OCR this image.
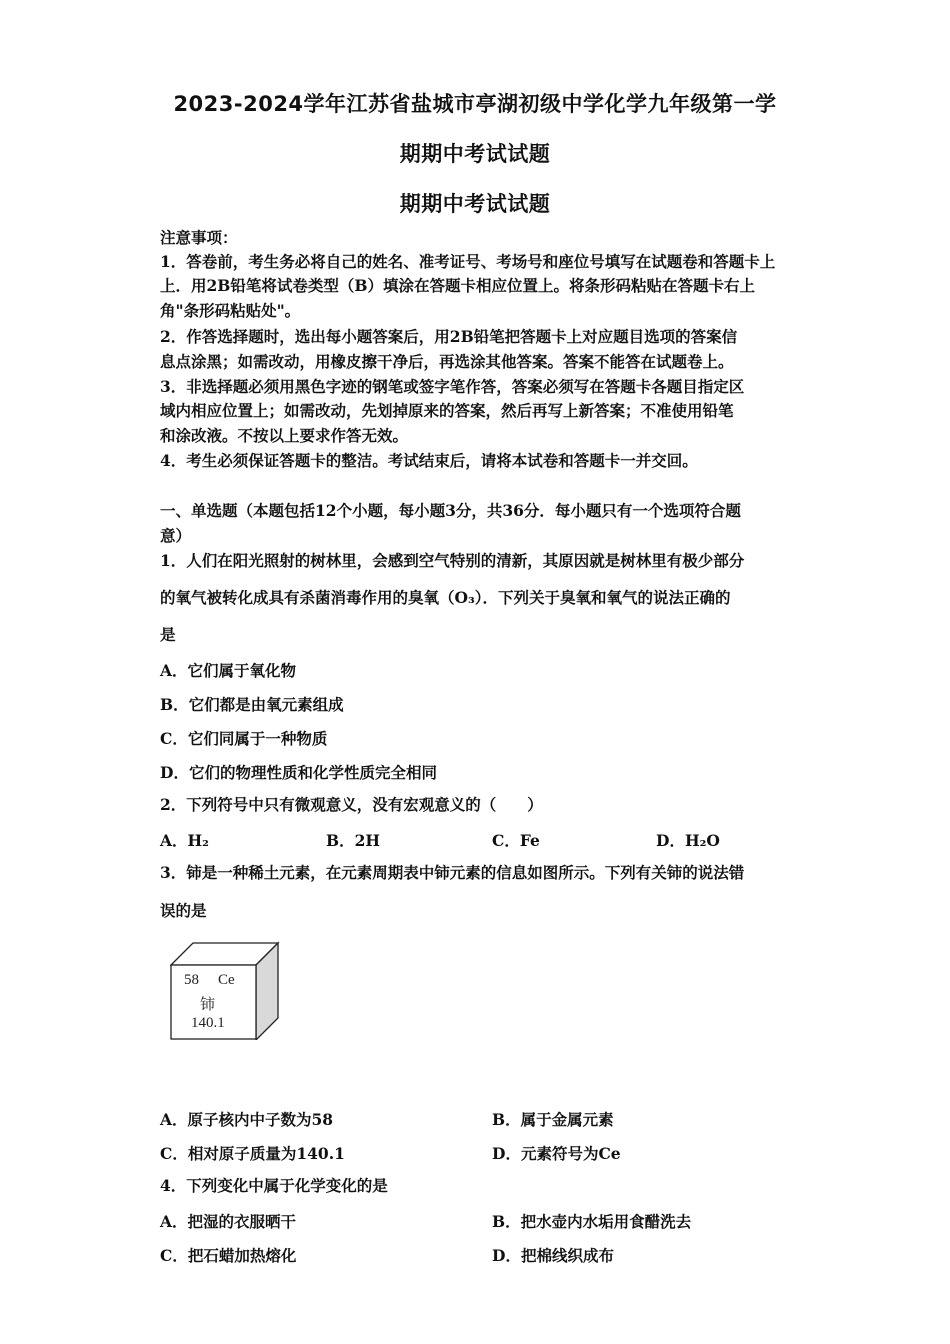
2023-2024学年江苏省盐城市亭湖初级中学化学九年级第一学
期期中考试试题
期期中考试试题
注意事项：
1．答卷前，考生务必将自己的姓名、准考证号、考场号和座位号填写在试题卷和答题卡上
上．用2B铅笔将试卷类型（B）填涂在答题卡相应位置上。将条形码粘贴在答题卡右上
角"条形码粘贴处"。
2．作答选择题时，选出每小题答案后，用2B铅笔把答题卡上对应题目选项的答案信
息点涂黑；如需改动，用橡皮擦干净后，再选涂其他答案。答案不能答在试题卷上。
3．非选择题必须用黑色字迹的钢笔或签字笔作答，答案必须写在答题卡各题目指定区
域内相应位置上；如需改动，先划掉原来的答案，然后再写上新答案；不准使用铅笔
和涂改液。不按以上要求作答无效。
4．考生必须保证答题卡的整洁。考试结束后，请将本试卷和答题卡一并交回。
一、单选题（本题包括12个小题，每小题3分，共36分．每小题只有一个选项符合题
意）
1．人们在阳光照射的树林里，会感到空气特别的清新，其原因就是树林里有极少部分
的氧气被转化成具有杀菌消毒作用的臭氧（O₃）．下列关于臭氧和氧气的说法正确的
是
A．它们属于氧化物
B．它们都是由氧元素组成
C．它们同属于一种物质
D．它们的物理性质和化学性质完全相同
2．下列符号中只有微观意义，没有宏观意义的（　　）
A．H₂	B．2H	C．Fe	D．H₂O
3．铈是一种稀土元素，在元素周期表中铈元素的信息如图所示。下列有关铈的说法错
误的是
58 Ce
铈
140.1
A．原子核内中子数为58	B．属于金属元素
C．相对原子质量为140.1	D．元素符号为Ce
4．下列变化中属于化学变化的是
A．把湿的衣服晒干	B．把水壶内水垢用食醋洗去
C．把石蜡加热熔化	D．把棉线织成布
